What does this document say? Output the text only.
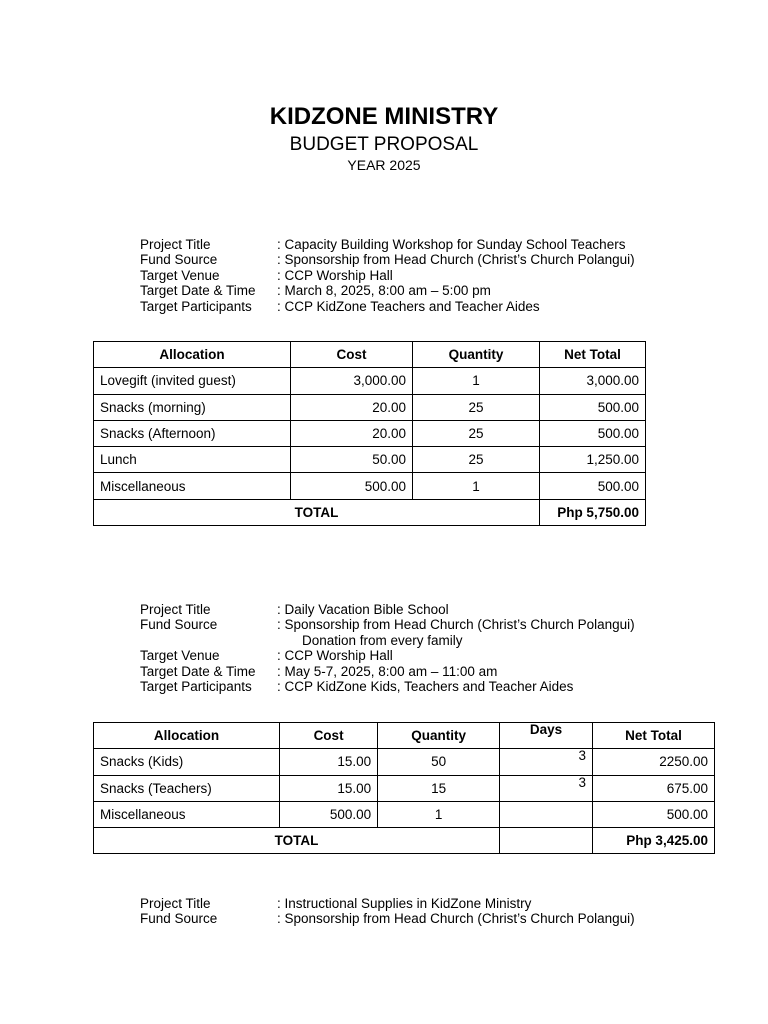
KIDZONE MINISTRY
BUDGET PROPOSAL
YEAR 2025
Project Title	: Capacity Building Workshop for Sunday School Teachers
Fund Source	: Sponsorship from Head Church (Christ’s Church Polangui)
Target Venue	: CCP Worship Hall
Target Date & Time : March 8, 2025, 8:00 am – 5:00 pm
Target Participants : CCP KidZone Teachers and Teacher Aides
Allocation	Cost	Quantity	Net Total
Lovegift (invited guest)	3,000.00	1	3,000.00
Snacks (morning)	20.00	25	500.00
Snacks (Afternoon)	20.00	25	500.00
Lunch	50.00	25	1,250.00
Miscellaneous	500.00	1	500.00
TOTAL			Php 5,750.00
Project Title	: Daily Vacation Bible School
Fund Source	: Sponsorship from Head Church (Christ’s Church Polangui)
Donation from every family
Target Venue	: CCP Worship Hall
Target Date & Time : May 5-7, 2025, 8:00 am – 11:00 am
Target Participants : CCP KidZone Kids, Teachers and Teacher Aides
Allocation	Cost	Quantity	Days	Net Total
Snacks (Kids)	15.00	50	3	2250.00
Snacks (Teachers)	15.00	15	3	675.00
Miscellaneous	500.00	1		500.00
TOTAL				Php 3,425.00
Project Title	: Instructional Supplies in KidZone Ministry
Fund Source	: Sponsorship from Head Church (Christ’s Church Polangui)
